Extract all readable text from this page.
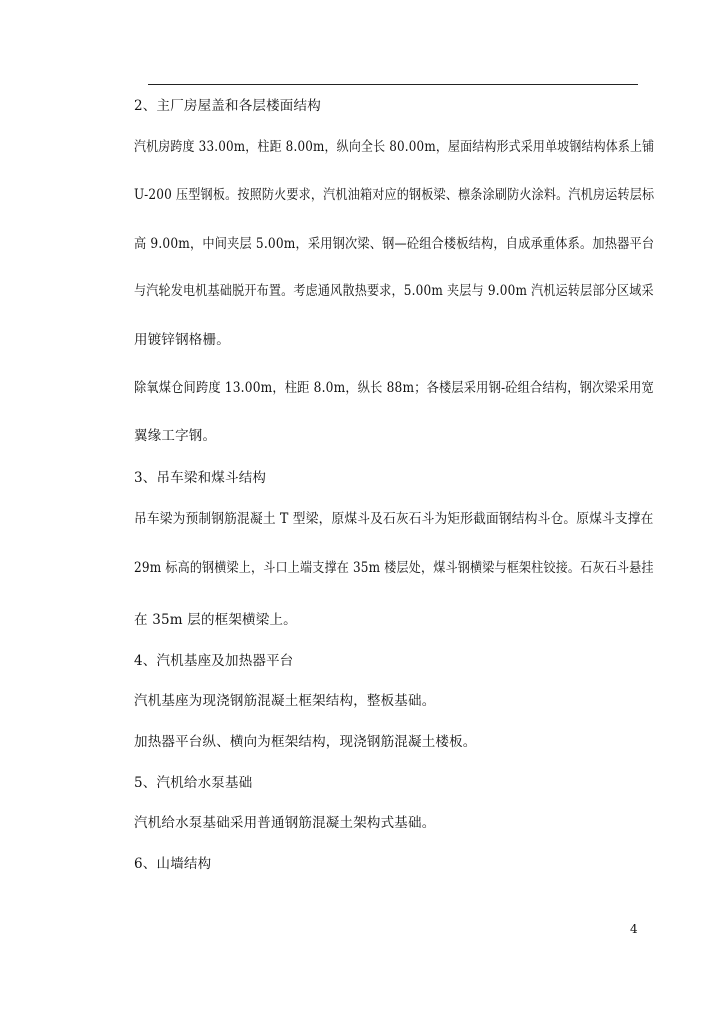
2、主厂房屋盖和各层楼面结构
汽机房跨度 33.00m，柱距 8.00m，纵向全长 80.00m，屋面结构形式采用单坡钢结构体系上铺
U-200 压型钢板。按照防火要求，汽机油箱对应的钢板梁、檩条涂刷防火涂料。汽机房运转层标
高 9.00m，中间夹层 5.00m，采用钢次梁、钢—砼组合楼板结构，自成承重体系。加热器平台
与汽轮发电机基础脱开布置。考虑通风散热要求，5.00m 夹层与 9.00m 汽机运转层部分区域采
用镀锌钢格栅。
除氧煤仓间跨度 13.00m，柱距 8.0m，纵长 88m；各楼层采用钢-砼组合结构，钢次梁采用宽
翼缘工字钢。
3、吊车梁和煤斗结构
吊车梁为预制钢筋混凝土 T 型梁，原煤斗及石灰石斗为矩形截面钢结构斗仓。原煤斗支撑在
29m 标高的钢横梁上，斗口上端支撑在 35m 楼层处，煤斗钢横梁与框架柱铰接。石灰石斗悬挂
在 35m 层的框架横梁上。
4、汽机基座及加热器平台
汽机基座为现浇钢筋混凝土框架结构，整板基础。
加热器平台纵、横向为框架结构，现浇钢筋混凝土楼板。
5、汽机给水泵基础
汽机给水泵基础采用普通钢筋混凝土架构式基础。
6、山墙结构
4
